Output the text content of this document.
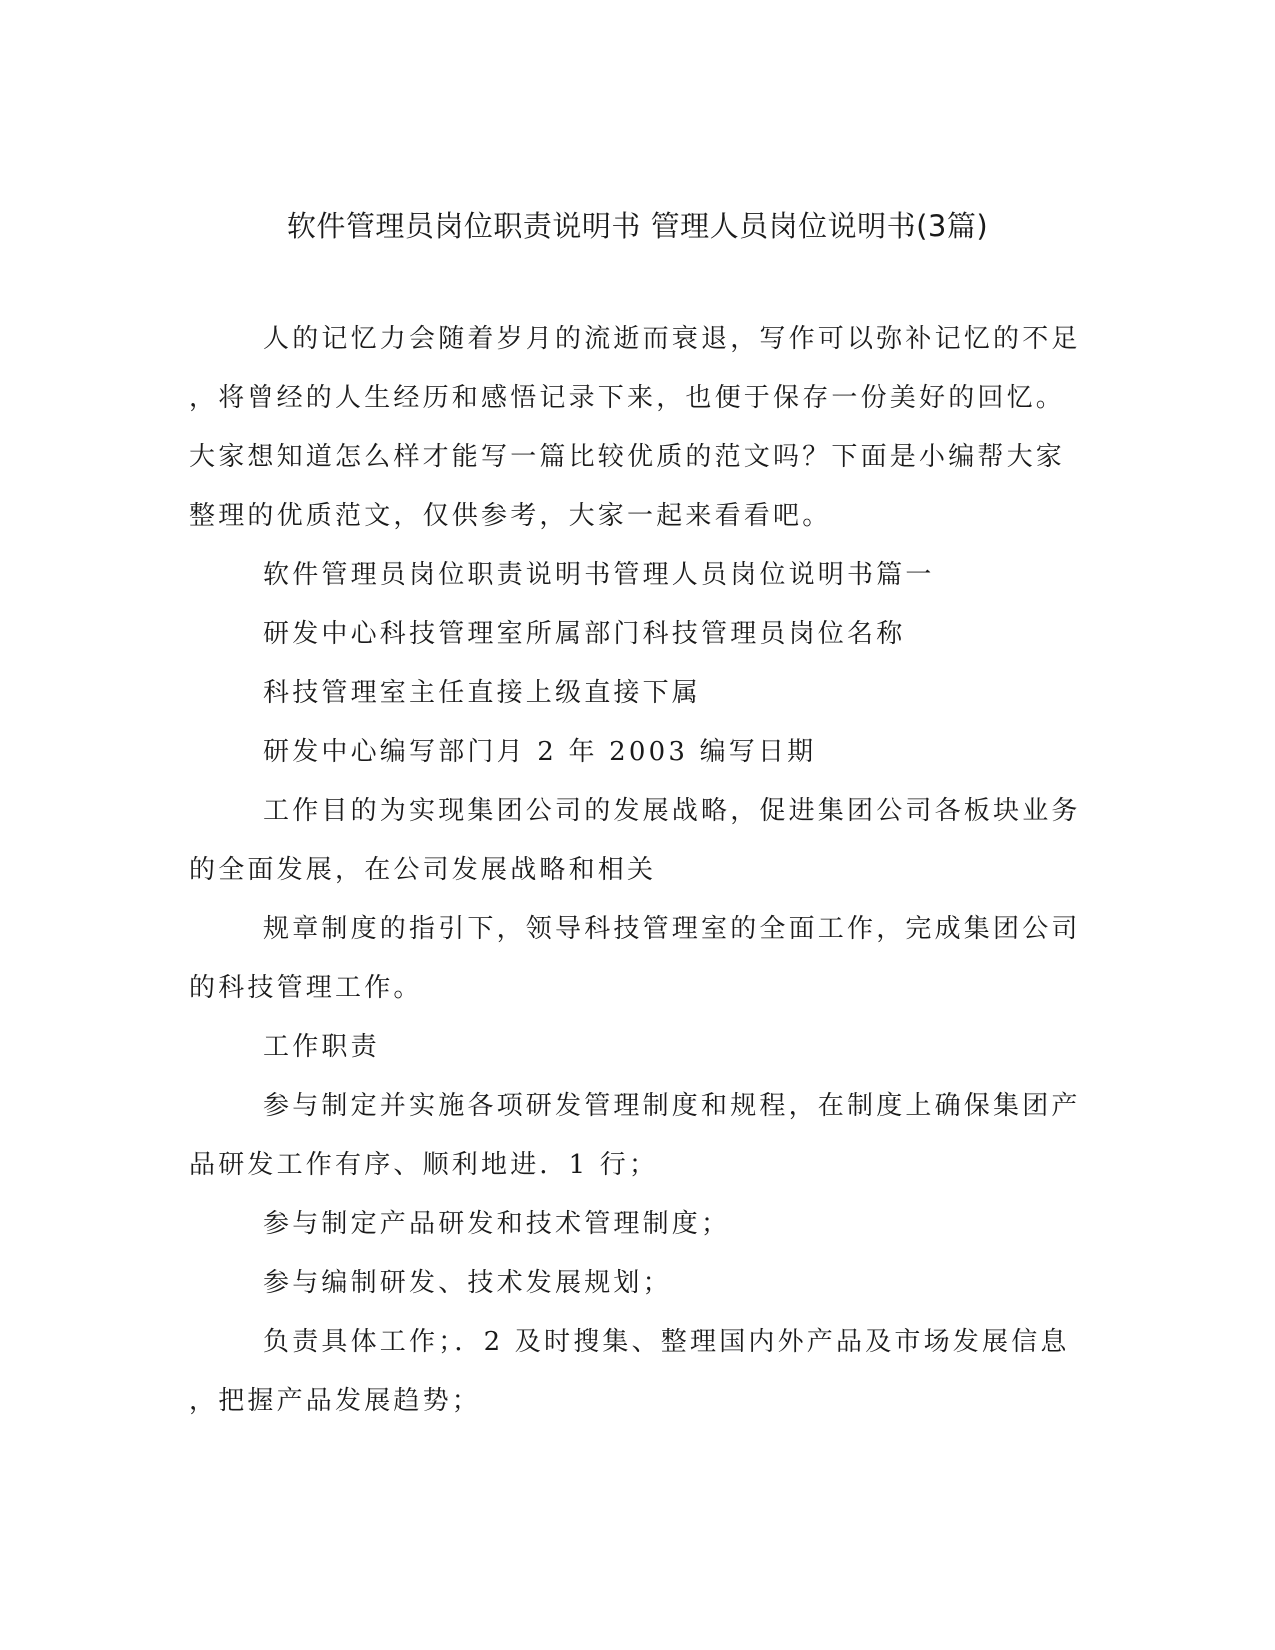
软件管理员岗位职责说明书 管理人员岗位说明书(3篇)

人的记忆力会随着岁月的流逝而衰退，写作可以弥补记忆的不足

，将曾经的人生经历和感悟记录下来，也便于保存一份美好的回忆。

大家想知道怎么样才能写一篇比较优质的范文吗？下面是小编帮大家

整理的优质范文，仅供参考，大家一起来看看吧。

软件管理员岗位职责说明书管理人员岗位说明书篇一

研发中心科技管理室所属部门科技管理员岗位名称

科技管理室主任直接上级直接下属

研发中心编写部门月 2 年 2003 编写日期

工作目的为实现集团公司的发展战略，促进集团公司各板块业务

的全面发展，在公司发展战略和相关

规章制度的指引下，领导科技管理室的全面工作，完成集团公司

的科技管理工作。

工作职责

参与制定并实施各项研发管理制度和规程，在制度上确保集团产

品研发工作有序、顺利地进．1 行；

参与制定产品研发和技术管理制度；

参与编制研发、技术发展规划；

负责具体工作；．2 及时搜集、整理国内外产品及市场发展信息

，把握产品发展趋势；
